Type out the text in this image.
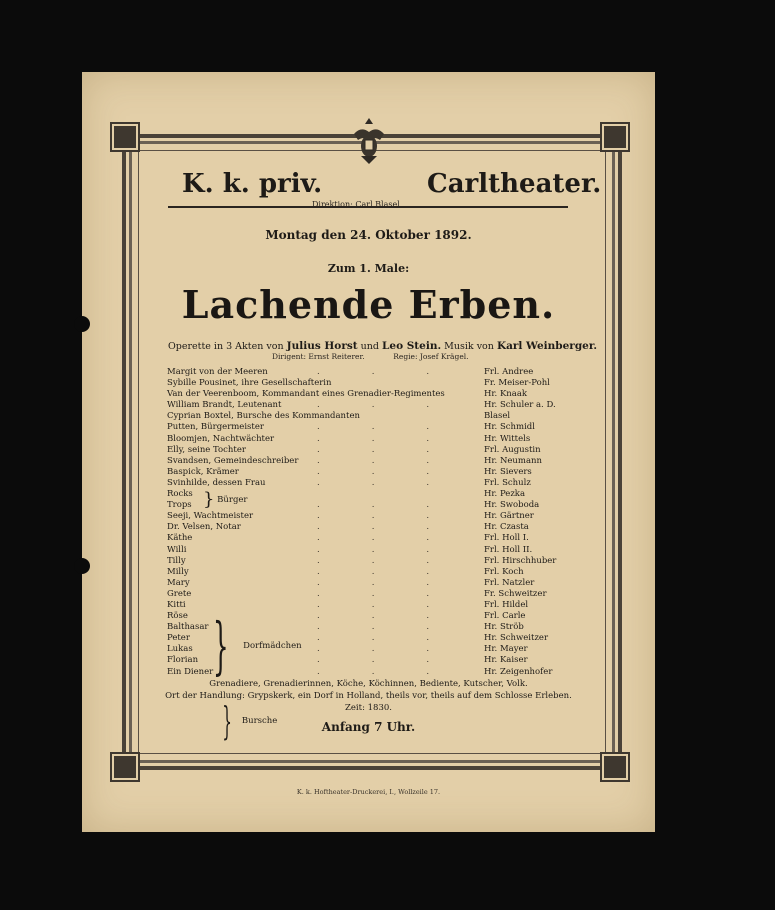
K. k. priv.	Carltheater.
Direktion: Carl Blasel
Montag den 24. Oktober 1892.
Zum 1. Male:
Lachende Erben.
Operette in 3 Akten von Julius Horst und Leo Stein. Musik von Karl Weinberger.
Dirigent: Ernst Reiterer.	Regie: Josef Krägel.
Margit von der Meeren	... Frl. Andree
Sybille Pousinet, ihre Gesellschafterin	Fr. Meiser-Pohl
Van der Veerenboom, Kommandant eines Grenadier-Regimentes	Hr. Knaak
William Brandt, Leutenant	... Hr. Schuler a. D.
Cyprian Boxtel, Bursche des Kommandanten	Blasel
Putten, Bürgermeister	... Hr. Schmidl
Bloomjen, Nachtwächter	... Hr. Wittels
Elly, seine Tochter	... Frl. Augustin
Svandsen, Gemeindeschreiber ... Hr. Neumann
Baspick, Krämer	... Hr. Sievers
Svinhilde, dessen Frau	... Frl. Schulz
Rocks	Hr. Pezka
Trops	... Hr. Swoboda
Seeji, Wachtmeister	... Hr. Gärtner
Dr. Velsen, Notar	... Hr. Czasta
Käthe	... Frl. Holl I.
Willi	... Frl. Holl II.
Tilly	... Frl. Hirschhuber
Milly	... Frl. Koch
Mary	... Frl. Natzler
Grete	... Fr. Schweitzer
Kitti	... Frl. Hildel
Röse	... Frl. Carle
Balthasar	... Hr. Ströb
Peter	... Hr. Schweitzer
Lukas	... Hr. Mayer
Florian	... Hr. Kaiser
Ein Diener	... Hr. Zeigenhofer
} Bürger
} Dorfmädchen
} Bursche
Grenadiere, Grenadierinnen, Köche, Köchinnen, Bediente, Kutscher, Volk.
Ort der Handlung: Grypskerk, ein Dorf in Holland, theils vor, theils auf dem Schlosse Erleben.
Zeit: 1830.
Anfang 7 Uhr.
K. k. Hoftheater-Druckerei, I., Wollzeile 17.
